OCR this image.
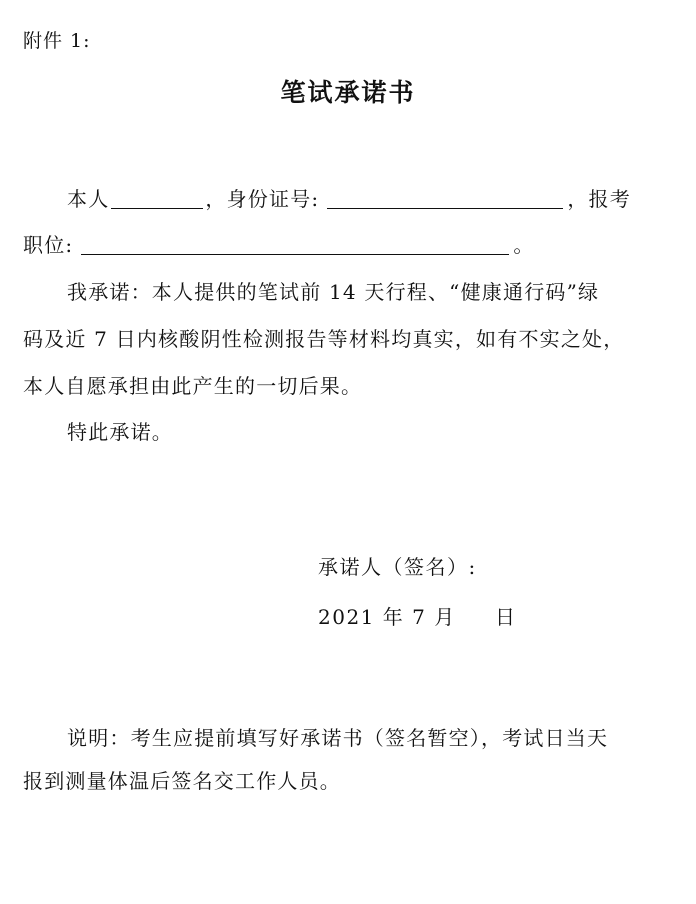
附件 1:
笔试承诺书
本人	，身份证号:	，报考
职位:	。
我承诺：本人提供的笔试前 14 天行程、“健康通行码”绿
码及近 7 日内核酸阴性检测报告等材料均真实，如有不实之处，
本人自愿承担由此产生的一切后果。
特此承诺。
承诺人（签名）:
2021 年 7 月     日
说明：考生应提前填写好承诺书（签名暂空），考试日当天
报到测量体温后签名交工作人员。
